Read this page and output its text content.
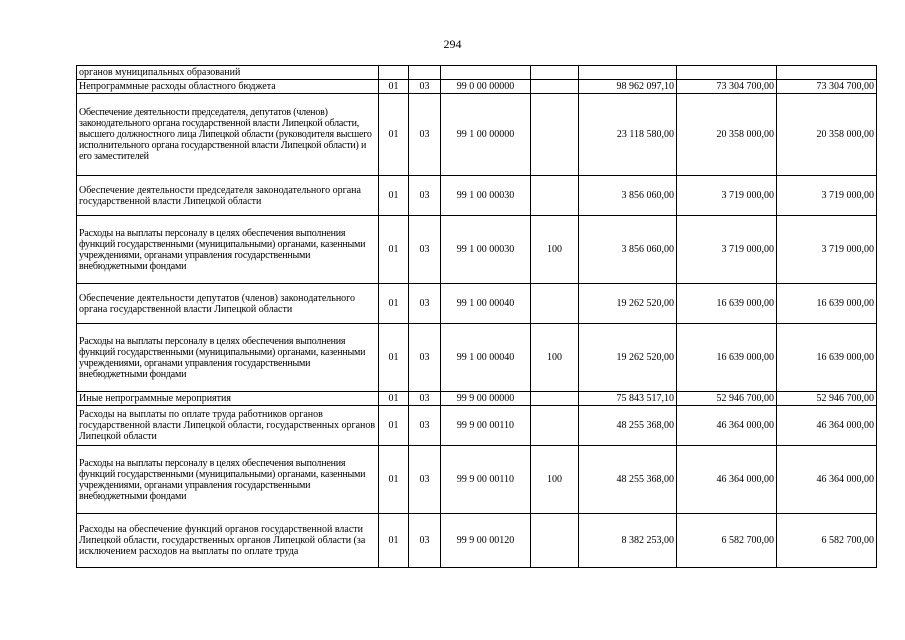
294
органов муниципальных образований							
Непрограммные расходы областного бюджета	01	03	99 0 00 00000		98 962 097,10	73 304 700,00	73 304 700,00
Обеспечение деятельности председателя, депутатов (членов) законодательного органа государственной власти Липецкой области, высшего должностного лица Липецкой области (руководителя высшего исполнительного органа государственной власти Липецкой области) и его заместителей	01	03	99 1 00 00000		23 118 580,00	20 358 000,00	20 358 000,00
Обеспечение деятельности председателя законодательного органа государственной власти Липецкой области	01	03	99 1 00 00030		3 856 060,00	3 719 000,00	3 719 000,00
Расходы на выплаты персоналу в целях обеспечения выполнения функций государственными (муниципальными) органами, казенными учреждениями, органами управления государственными внебюджетными фондами	01	03	99 1 00 00030	100	3 856 060,00	3 719 000,00	3 719 000,00
Обеспечение деятельности депутатов (членов) законодательного органа государственной власти Липецкой области	01	03	99 1 00 00040		19 262 520,00	16 639 000,00	16 639 000,00
Расходы на выплаты персоналу в целях обеспечения выполнения функций государственными (муниципальными) органами, казенными учреждениями, органами управления государственными внебюджетными фондами	01	03	99 1 00 00040	100	19 262 520,00	16 639 000,00	16 639 000,00
Иные непрограммные мероприятия	01	03	99 9 00 00000		75 843 517,10	52 946 700,00	52 946 700,00
Расходы на выплаты по оплате труда работников органов государственной власти Липецкой области, государственных органов Липецкой области	01	03	99 9 00 00110		48 255 368,00	46 364 000,00	46 364 000,00
Расходы на выплаты персоналу в целях обеспечения выполнения функций государственными (муниципальными) органами, казенными учреждениями, органами управления государственными внебюджетными фондами	01	03	99 9 00 00110	100	48 255 368,00	46 364 000,00	46 364 000,00
Расходы на обеспечение функций органов государственной власти Липецкой области, государственных органов Липецкой области (за исключением расходов на выплаты по оплате труда	01	03	99 9 00 00120		8 382 253,00	6 582 700,00	6 582 700,00
